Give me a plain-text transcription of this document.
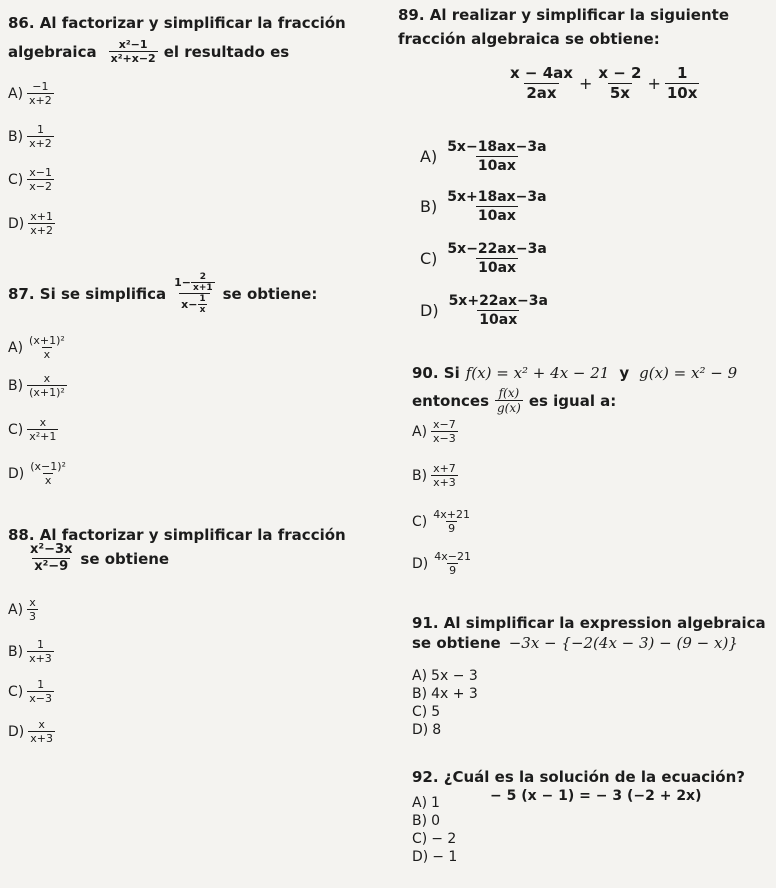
86. Al factorizar y simplificar la fracción
algebraica $\frac{\text{x²−1}}{\text{x²+x−2}}$ el resultado es
$A) \frac{-1}{x+2}$
$B) \frac{1}{x+2}$
$C) \frac{x-1}{x-2}$
$D) \frac{x+1}{x+2}$
87. Si se simplifica $\frac{1- \frac{2}{x+1}}{x- \frac{1}{x}}$ se obtiene:
$A) \frac{\text{(x+1)²}}{x}$
$B) \frac{x}{\text{(x+1)²}}$
$C) \frac{x}{\text{x²+1}}$
$D) \frac{\text{(x−1)²}}{x}$
88. Al factorizar y simplificar la fracción
$\frac{\text{x²−3x}}{\text{x²−9}}$ se obtiene
$A) \frac{x}{3}$
$B) \frac{1}{x+3}$
$C) \frac{1}{x-3}$
$D) \frac{x}{x+3}$
89. Al realizar y simplificar la siguiente
fracción algebraica se obtiene:
$\frac{x - 4ax}{2ax} + \frac{x - 2}{5x} + \frac{1}{10x}$
$A) \frac{5x-18ax-3a}{10ax}$
$B) \frac{5x+18ax-3a}{10ax}$
$C) \frac{5x-22ax-3a}{10ax}$
$D) \frac{5x+22ax-3a}{10ax}$
90. Si f(x) = x² + 4x − 21 y g(x) = x² − 9
entonces $\frac{f(x)}{g(x)}$ es igual a:
$A) \frac{x-7}{x-3}$
$B) \frac{x+7}{x+3}$
$C) \frac{4x+21}{9}$
$D) \frac{4x-21}{9}$
91. Al simplificar la expression algebraica
se obtiene −3x − {−2(4x − 3) − (9 − x)}
A) 5x − 3
B) 4x + 3
C) 5
D) 8
92. ¿Cuál es la solución de la ecuación?
− 5 (x − 1) = − 3 (−2 + 2x)
A) 1
B) 0
C) − 2
D) − 1
